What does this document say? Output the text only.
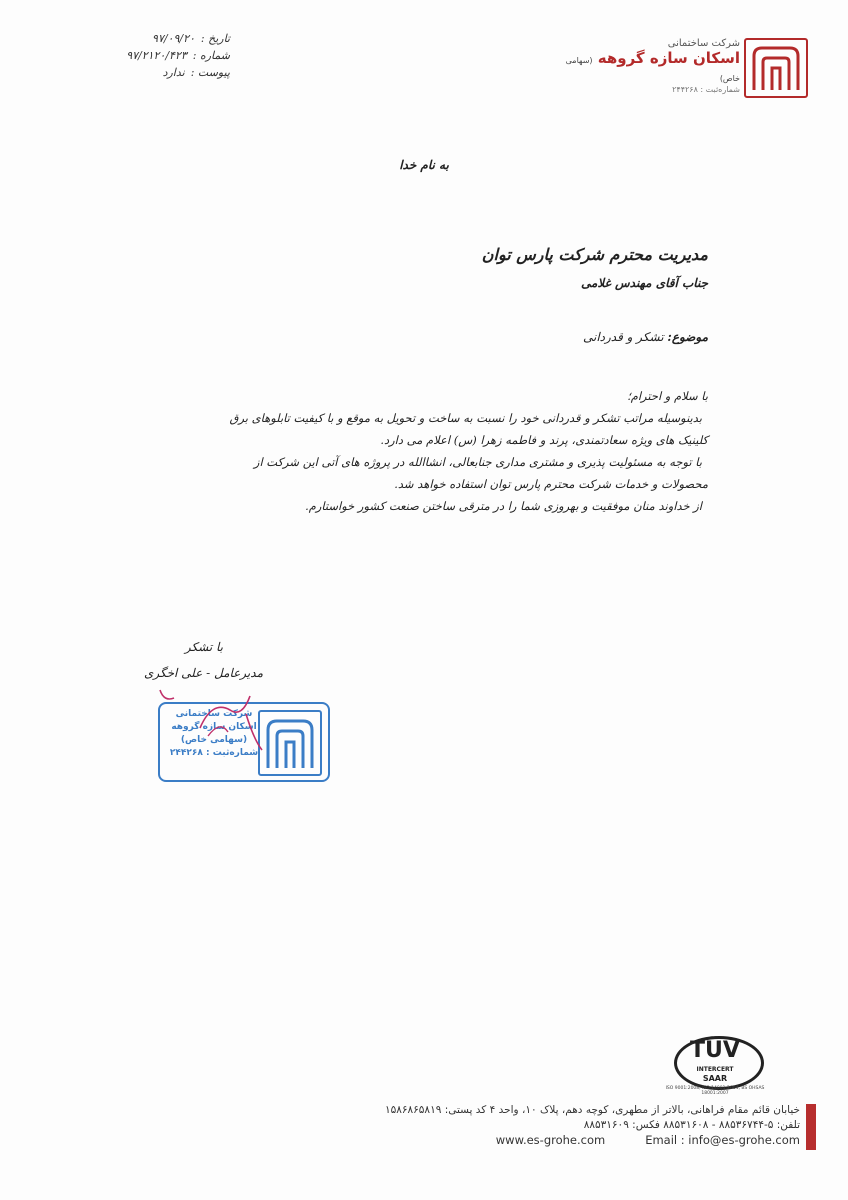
تاریخ :
۹۷/۰۹/۲۰
شماره :
۹۷/۲۱۲۰/۴۲۳
پیوست :
ندارد
شرکت ساختمانی
اسکان سازه گروهه (سهامی خاص)
شماره‌ثبت : ۲۴۴۲۶۸
به نام خدا
مدیریت محترم شرکت پارس توان
جناب آقای مهندس غلامی
موضوع: تشکر و قدردانی

با سلام و احترام؛

بدینوسیله مراتب تشکر و قدردانی خود را نسبت به ساخت و تحویل به موقع و با کیفیت تابلوهای برق

کلینیک های ویژه سعادتمندی، پرند و فاطمه زهرا (س) اعلام می دارد.

با توجه به مسئولیت پذیری و مشتری مداری جنابعالی، انشاالله در پروژه های آتی این شرکت از

محصولات و خدمات شرکت محترم پارس توان استفاده خواهد شد.

از خداوند منان موفقیت و بهروزی شما را در مترقی ساختن صنعت کشور خواستارم.

با تشکر
مدیرعامل - علی اخگری
شرکت ساختمانی
اسکان سازه گروهه
(سهامی خاص)
شماره‌ثبت : ۲۴۴۲۶۸
TÜV
INTERCERT
SAAR
ISO 9001:2008, ISO 14001:2004, BS OHSAS 18001:2007
خیابان قائم مقام فراهانی، بالاتر از مطهری، کوچه دهم، پلاک ۱۰، واحد ۴ کد پستی: ۱۵۸۶۸۶۵۸۱۹
تلفن: ۵-۸۸۵۳۶۷۴۴ - ۸۸۵۳۱۶۰۸ فکس: ۸۸۵۳۱۶۰۹
www.es-grohe.com	Email : info@es-grohe.com
